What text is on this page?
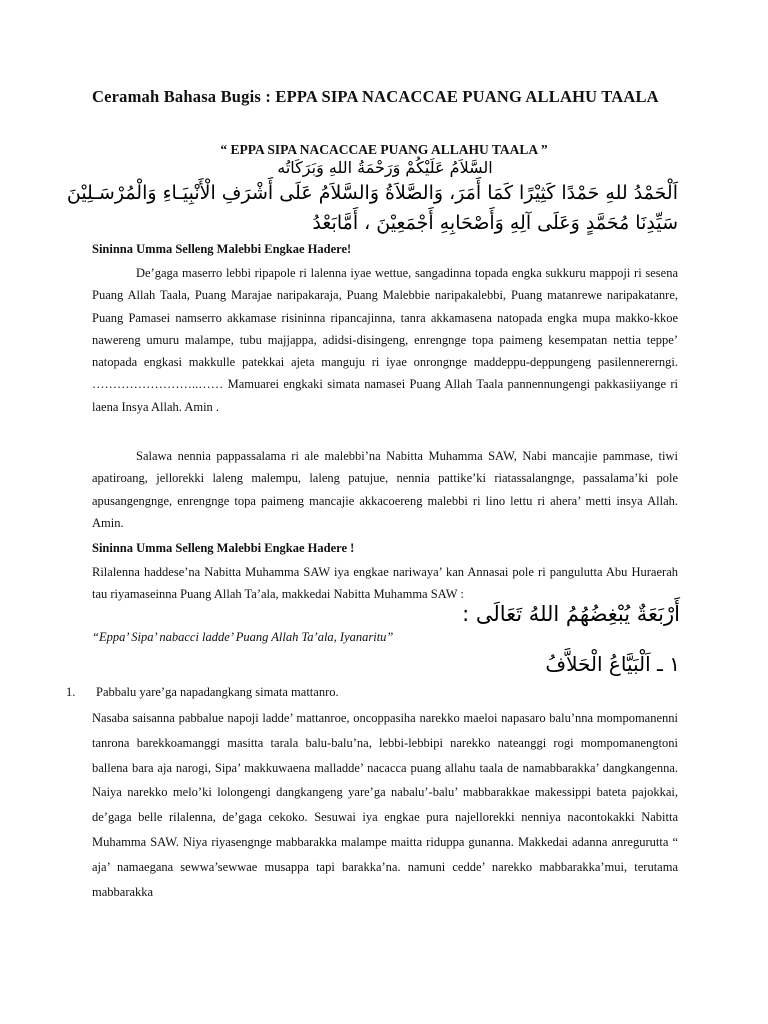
Ceramah Bahasa Bugis : EPPA SIPA NACACCAE PUANG ALLAHU TAALA
“ EPPA SIPA NACACCAE PUANG ALLAHU TAALA ”
السَّلاَمُ عَلَيْكُمْ وَرَحْمَةُ اللهِ وَبَرَكَاتُه
اَلْحَمْدُ للهِ حَمْدًا كَثِيْرًا كَمَا أَمَرَ، وَالصَّلاَةُ وَالسَّلاَمُ عَلَى أَشْرَفِ الْأَنْبِيَـاءِ وَالْمُرْسَـلِيْنَ
سَيِّدِنَا مُحَمَّدٍ وَعَلَى آلِهِ وَأَصْحَابِهِ أَجْمَعِيْنَ ، أَمَّابَعْدُ
Sininna Umma Selleng Malebbi Engkae Hadere!
De’gaga maserro lebbi ripapole ri lalenna iyae wettue, sangadinna topada engka sukkuru mappoji ri sesena Puang Allah Taala, Puang Marajae naripakaraja, Puang Malebbie naripakalebbi, Puang matanrewe naripakatanre, Puang Pamasei namserro akkamase risininna ripancajinna, tanra akkamasena natopada engka mupa makko-kkoe nawereng umuru malampe, tubu majjappa, adidsi-disingeng, enrengnge topa paimeng kesempatan nettia teppe’ natopada engkasi makkulle patekkai ajeta manguju ri iyae onrongnge maddeppu-deppungeng pasilennererngi. ……………………..…… Mamuarei engkaki simata namasei Puang Allah Taala pannennungengi pakkasiiyange ri laena Insya Allah. Amin .
Salawa nennia pappassalama ri ale malebbi’na Nabitta Muhamma SAW, Nabi mancajie pammase, tiwi apatiroang, jellorekki laleng malempu, laleng patujue, nennia pattike’ki riatassalangnge, passalama’ki pole apusangengnge, enrengnge topa paimeng mancajie akkacoereng malebbi ri lino lettu ri ahera’ metti insya Allah. Amin.
Sininna Umma Selleng Malebbi Engkae Hadere !
Rilalenna haddese’na Nabitta Muhamma SAW iya engkae nariwaya’ kan Annasai pole ri pangulutta Abu Huraerah tau riyamaseinna Puang Allah Ta’ala, makkedai Nabitta Muhamma SAW :
أَرْبَعَةٌ يُبْغِضُهُمُ اللهُ تَعَالَى :
“Eppa’ Sipa’ nabacci ladde’ Puang Allah Ta’ala, Iyanaritu”
١ ـ اَلْبَيَّاعُ الْحَلاَّفُ
1. Pabbalu yare’ga napadangkang simata mattanro.
Nasaba saisanna pabbalue napoji ladde’ mattanroe, oncoppasiha narekko maeloi napasaro balu’nna mompomanenni tanrona barekkoamanggi masitta tarala balu-balu’na, lebbi-lebbipi narekko nateanggi rogi mompomanengtoni ballena bara aja narogi, Sipa’ makkuwaena malladde’ nacacca puang allahu taala de namabbarakka’ dangkangenna. Naiya narekko melo’ki lolongengi dangkangeng yare’ga nabalu’-balu’ mabbarakkae makessippi bateta pajokkai, de’gaga belle rilalenna, de’gaga cekoko. Sesuwai iya engkae pura najellorekki nenniya nacontokakki Nabitta Muhamma SAW. Niya riyasengnge mabbarakka malampe maitta riduppa gunanna. Makkedai adanna anregurutta “ aja’ namaegana sewwa’sewwae musappa tapi barakka’na. namuni cedde’ narekko mabbarakka’mui, terutama mabbarakka
